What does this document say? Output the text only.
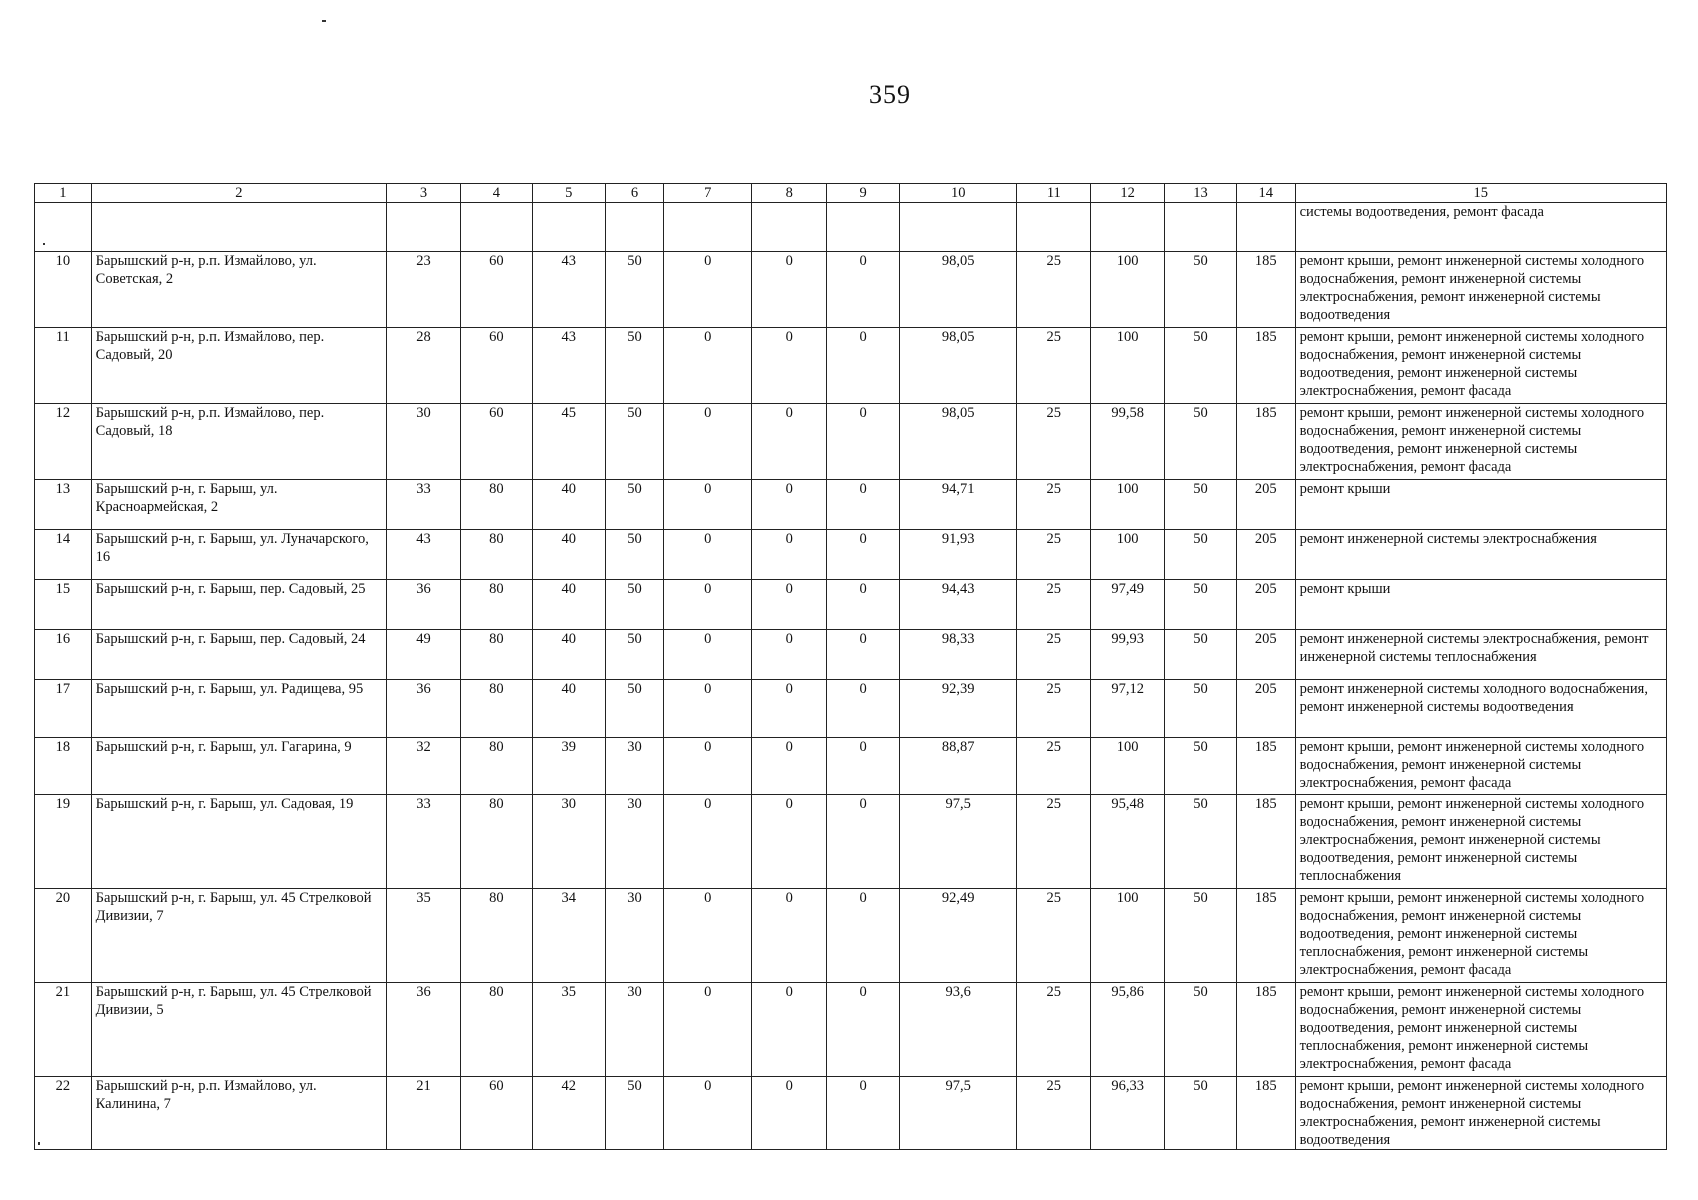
359
1	2	3	4	5	6	7	8	9	10	11	12	13	14	15
														системы водоотведения, ремонт фасада
10	Барышский р-н, р.п. Измайлово, ул. Советская, 2	23	60	43	50	0	0	0	98,05	25	100	50	185	ремонт крыши, ремонт инженерной системы холодного водоснабжения, ремонт инженерной системы электроснабжения, ремонт инженерной системы водоотведения
11	Барышский р-н, р.п. Измайлово, пер. Садовый, 20	28	60	43	50	0	0	0	98,05	25	100	50	185	ремонт крыши, ремонт инженерной системы холодного водоснабжения, ремонт инженерной системы водоотведения, ремонт инженерной системы электроснабжения, ремонт фасада
12	Барышский р-н, р.п. Измайлово, пер. Садовый, 18	30	60	45	50	0	0	0	98,05	25	99,58	50	185	ремонт крыши, ремонт инженерной системы холодного водоснабжения, ремонт инженерной системы водоотведения, ремонт инженерной системы электроснабжения, ремонт фасада
13	Барышский р-н, г. Барыш, ул. Красноармейская, 2	33	80	40	50	0	0	0	94,71	25	100	50	205	ремонт крыши
14	Барышский р-н, г. Барыш, ул. Луначарского, 16	43	80	40	50	0	0	0	91,93	25	100	50	205	ремонт инженерной системы электроснабжения
15	Барышский р-н, г. Барыш, пер. Садовый, 25	36	80	40	50	0	0	0	94,43	25	97,49	50	205	ремонт крыши
16	Барышский р-н, г. Барыш, пер. Садовый, 24	49	80	40	50	0	0	0	98,33	25	99,93	50	205	ремонт инженерной системы электроснабжения, ремонт инженерной системы теплоснабжения
17	Барышский р-н, г. Барыш, ул. Радищева, 95	36	80	40	50	0	0	0	92,39	25	97,12	50	205	ремонт инженерной системы холодного водоснабжения, ремонт инженерной системы водоотведения
18	Барышский р-н, г. Барыш, ул. Гагарина, 9	32	80	39	30	0	0	0	88,87	25	100	50	185	ремонт крыши, ремонт инженерной системы холодного водоснабжения, ремонт инженерной системы электроснабжения, ремонт фасада
19	Барышский р-н, г. Барыш, ул. Садовая, 19	33	80	30	30	0	0	0	97,5	25	95,48	50	185	ремонт крыши, ремонт инженерной системы холодного водоснабжения, ремонт инженерной системы электроснабжения, ремонт инженерной системы водоотведения, ремонт инженерной системы теплоснабжения
20	Барышский р-н, г. Барыш, ул. 45 Стрелковой Дивизии, 7	35	80	34	30	0	0	0	92,49	25	100	50	185	ремонт крыши, ремонт инженерной системы холодного водоснабжения, ремонт инженерной системы водоотведения, ремонт инженерной системы теплоснабжения, ремонт инженерной системы электроснабжения, ремонт фасада
21	Барышский р-н, г. Барыш, ул. 45 Стрелковой Дивизии, 5	36	80	35	30	0	0	0	93,6	25	95,86	50	185	ремонт крыши, ремонт инженерной системы холодного водоснабжения, ремонт инженерной системы водоотведения, ремонт инженерной системы теплоснабжения, ремонт инженерной системы электроснабжения, ремонт фасада
22	Барышский р-н, р.п. Измайлово, ул. Калинина, 7	21	60	42	50	0	0	0	97,5	25	96,33	50	185	ремонт крыши, ремонт инженерной системы холодного водоснабжения, ремонт инженерной системы электроснабжения, ремонт инженерной системы водоотведения
